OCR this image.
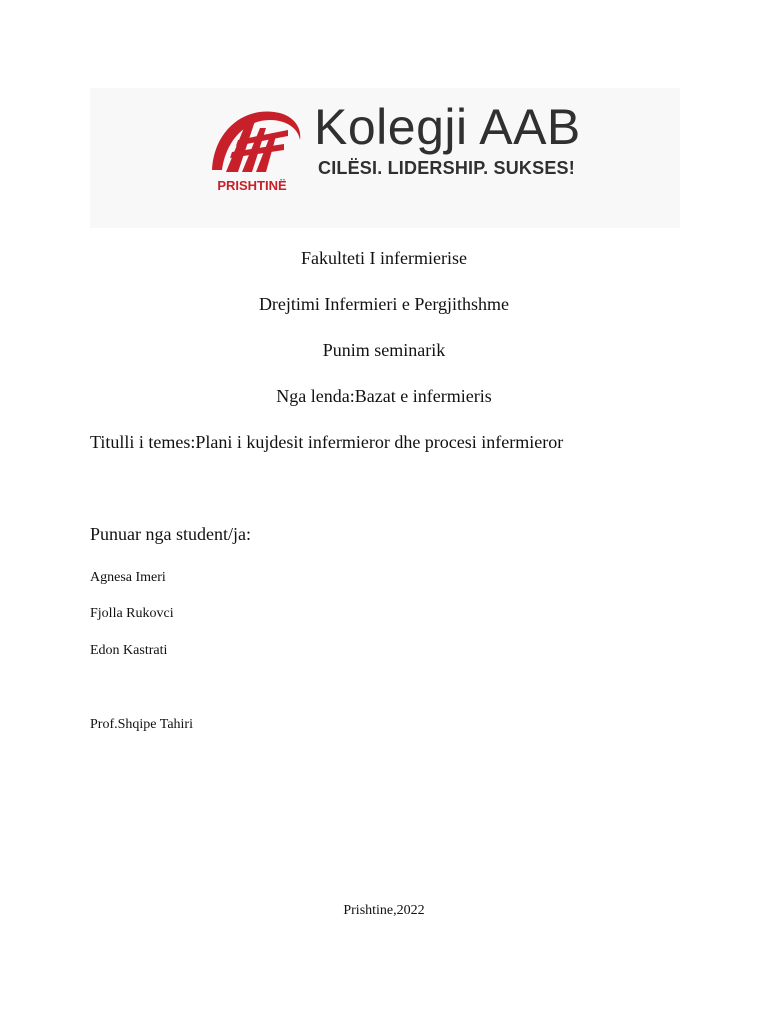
PRISHTINË
Kolegji AAB
CILËSI. LIDERSHIP. SUKSES!
Fakulteti I infermierise
Drejtimi Infermieri e Pergjithshme
Punim seminarik
Nga lenda:Bazat e infermieris
Titulli i temes:Plani i kujdesit infermieror dhe procesi infermieror
Punuar nga student/ja:
Agnesa Imeri
Fjolla Rukovci
Edon Kastrati
Prof.Shqipe Tahiri
Prishtine,2022
